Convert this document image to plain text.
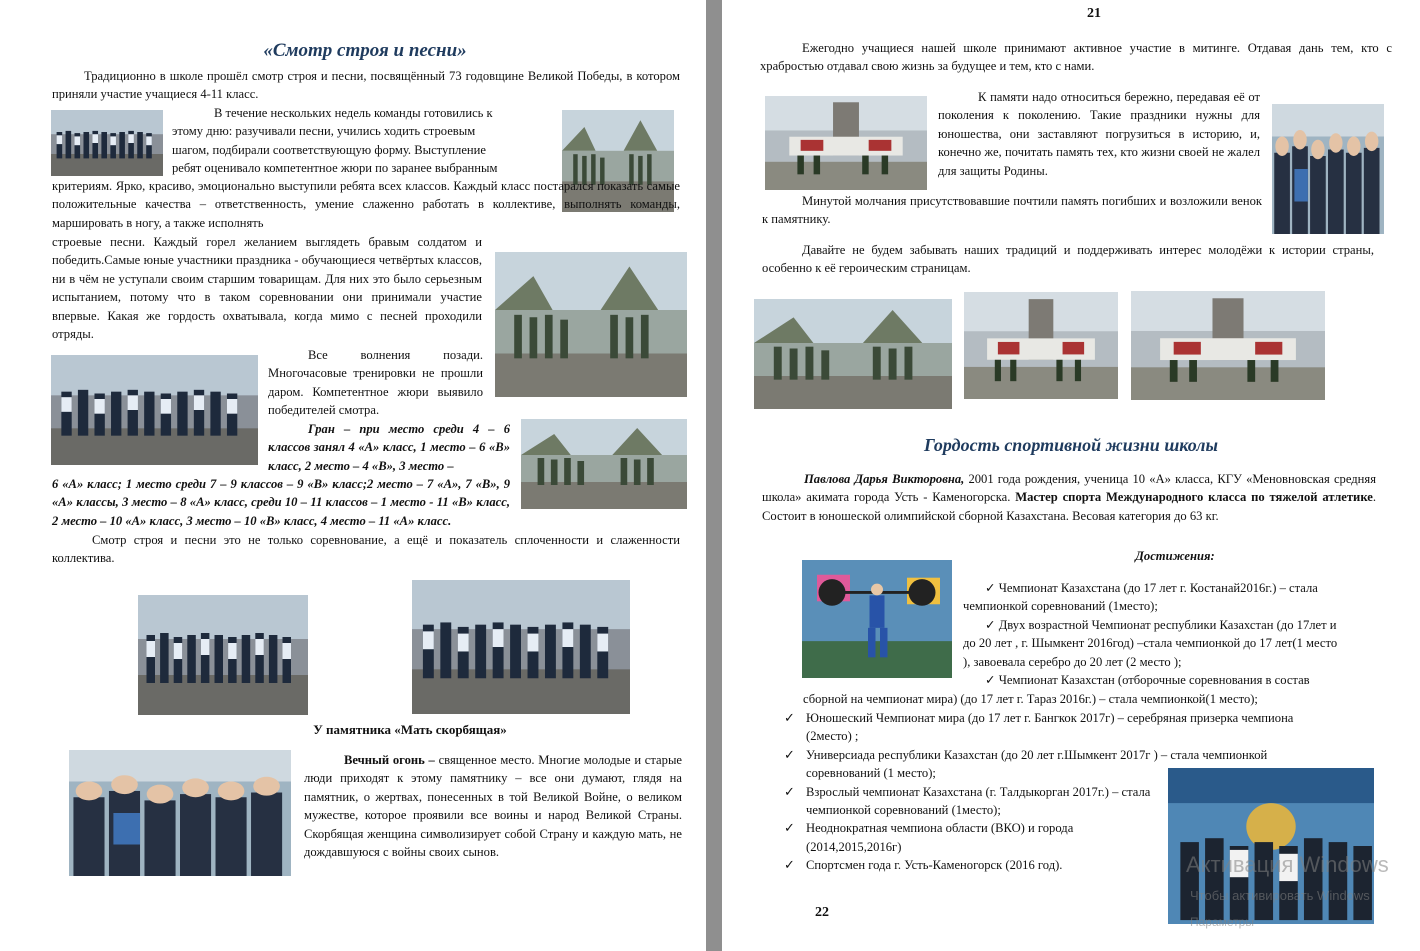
«Смотр строя и песни»
Традиционно в школе прошёл смотр строя и песни, посвящённый 73 годовщине Великой Победы, в котором приняли участие учащиеся 4-11 класс.
В течение нескольких недель команды готовились к
этому дню: разучивали песни, учились ходить строевым
шагом, подбирали соответствующую форму. Выступление
ребят оценивало компетентное жюри по заранее выбранным
критериям. Ярко, красиво, эмоционально выступили ребята всех классов. Каждый класс постарался показать самые положительные качества – ответственность, умение слаженно работать в коллективе, выполнять команды, маршировать в ногу, а также исполнять
строевые песни. Каждый горел желанием выглядеть бравым солдатом и победить.Самые юные участники праздника - обучающиеся четвёртых классов, ни в чём не уступали своим старшим товарищам. Для них это было серьезным испытанием, потому что в таком соревновании они принимали участие впервые. Какая же гордость охватывала, когда мимо с песней проходили отряды.
Все волнения позади. Многочасовые тренировки не прошли даром. Компетентное жюри выявило победителей смотра.
Гран – при место среди 4 – 6 классов занял 4 «А» класс, 1 место – 6 «В» класс, 2 место – 4 «В», 3 место –
6 «А» класс; 1 место среди 7 – 9 классов – 9 «В» класс;2 место – 7 «А», 7 «В», 9 «А» классы, 3 место – 8 «А» класс, среди 10 – 11 классов – 1 место - 11 «В» класс, 2 место – 10 «А» класс, 3 место – 10 «В» класс, 4 место – 11 «А» класс.
Смотр строя и песни это не только соревнование, а ещё и показатель сплоченности и слаженности коллектива.
У памятника «Мать скорбящая»
Вечный огонь – священное место. Многие молодые и старые люди приходят к этому памятнику – все они думают, глядя на памятник, о жертвах, понесенных в той Великой Войне, о великом мужестве, которое проявили все воины и народ Великой Страны. Скорбящая женщина символизирует собой Страну и каждую мать, не дождавшуюся с войны своих сынов.
21
Ежегодно учащиеся нашей школе принимают активное участие в митинге. Отдавая дань тем, кто с храбростью отдавал свою жизнь за будущее и тем, кто с нами.
К памяти надо относиться бережно, передавая её от поколения к поколению. Такие праздники нужны для юношества, они заставляют погрузиться в историю, и, конечно же, почитать память тех, кто жизни своей не жалел для защиты Родины.
Минутой молчания присутствовавшие почтили память погибших и возложили венок к памятнику.
Давайте не будем забывать наших традиций и поддерживать интерес молодёжи к истории страны, особенно к её героическим страницам.
Гордость спортивной жизни школы
Павлова Дарья Викторовна, 2001 года рождения, ученица 10 «А» класса, КГУ «Меновновская средняя школа» акимата города Усть - Каменогорска. Мастер спорта Международного класса по тяжелой атлетике. Состоит в юношеской олимпийской сборной Казахстана. Весовая категория до 63 кг.
Достижения:
✓ Чемпионат Казахстана (до 17 лет г. Костанай2016г.) – стала
чемпионкой соревнований (1место);
✓ Двух возрастной Чемпионат республики Казахстан (до 17лет и
до 20 лет , г. Шымкент 2016год) –стала чемпионкой до 17 лет(1 место
), завоевала серебро до 20 лет (2 место );
✓ Чемпионат Казахстан (отборочные соревнования в состав
сборной на чемпионат мира) (до 17 лет г. Тараз 2016г.) – стала чемпионкой(1 место);
✓ Юношеский Чемпионат мира (до 17 лет г. Бангкок 2017г) – серебряная призерка чемпиона (2место) ;
✓ Универсиада республики Казахстан (до 20 лет г.Шымкент 2017г ) – стала чемпионкой соревнований (1 место);
✓ Взрослый чемпионат Казахстана (г. Талдыкорган 2017г.) – стала чемпионкой соревнований (1место);
✓ Неоднократная чемпиона области (ВКО) и города (2014,2015,2016г)
✓ Спортсмен года г. Усть-Каменогорск (2016 год).
22
Активация Windows
Чтобы активировать Windows
Параметры
